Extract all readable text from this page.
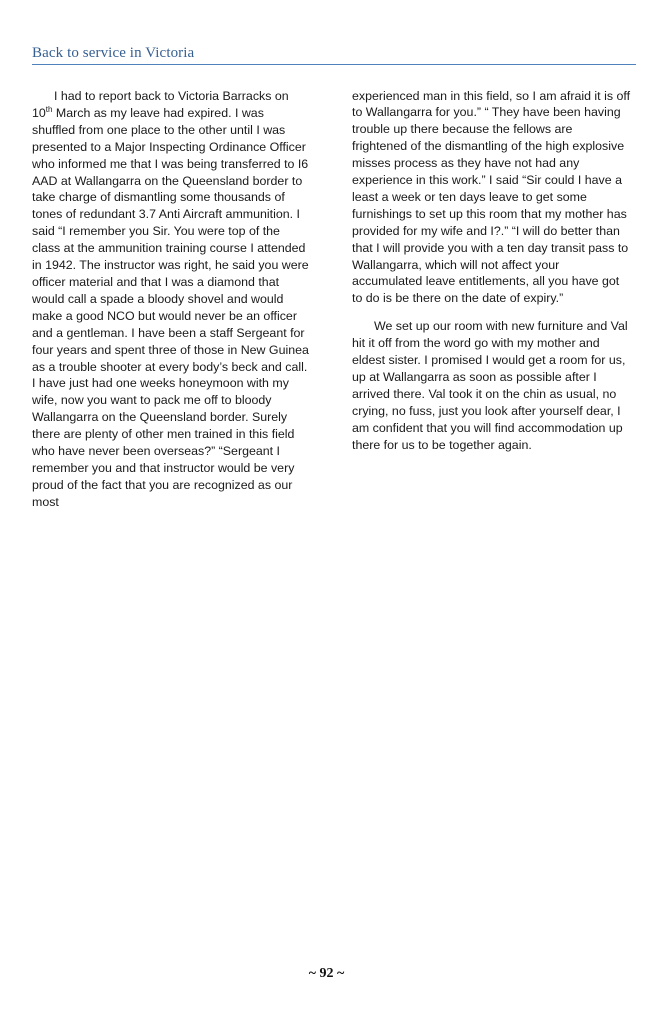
Back to service in Victoria

I had to report back to Victoria Barracks on 10th March as my leave had expired. I was shuffled from one place to the other until I was presented to a Major Inspecting Ordinance Officer who informed me that I was being transferred to I6 AAD at Wallangarra on the Queensland border to take charge of dismantling some thousands of tones of redundant 3.7 Anti Aircraft ammunition. I said “I remember you Sir. You were top of the class at the ammunition training course I attended in 1942. The instructor was right, he said you were officer material and that I was a diamond that would call a spade a bloody shovel and would make a good NCO but would never be an officer and a gentleman. I have been a staff Sergeant for four years and spent three of those in New Guinea as a trouble shooter at every body’s beck and call. I have just had one weeks honeymoon with my wife, now you want to pack me off to bloody Wallangarra on the Queensland border. Surely there are plenty of other men trained in this field who have never been overseas?” “Sergeant I remember you and that instructor would be very proud of the fact that you are recognized as our most

experienced man in this field, so I am afraid it is off to Wallangarra for you.” “ They have been having trouble up there because the fellows are frightened of the dismantling of the high explosive misses process as they have not had any experience in this work.” I said “Sir could I have a least a week or ten days leave to get some furnishings to set up this room that my mother has provided for my wife and I?.” “I will do better than that I will provide you with a ten day transit pass to Wallangarra, which will not affect your accumulated leave entitlements, all you have got to do is be there on the date of expiry.”

We set up our room with new furniture and Val hit it off from the word go with my mother and eldest sister. I promised I would get a room for us, up at Wallangarra as soon as possible after I arrived there. Val took it on the chin as usual, no crying, no fuss, just you look after yourself dear, I am confident that you will find accommodation up there for us to be together again.

~ 92 ~
